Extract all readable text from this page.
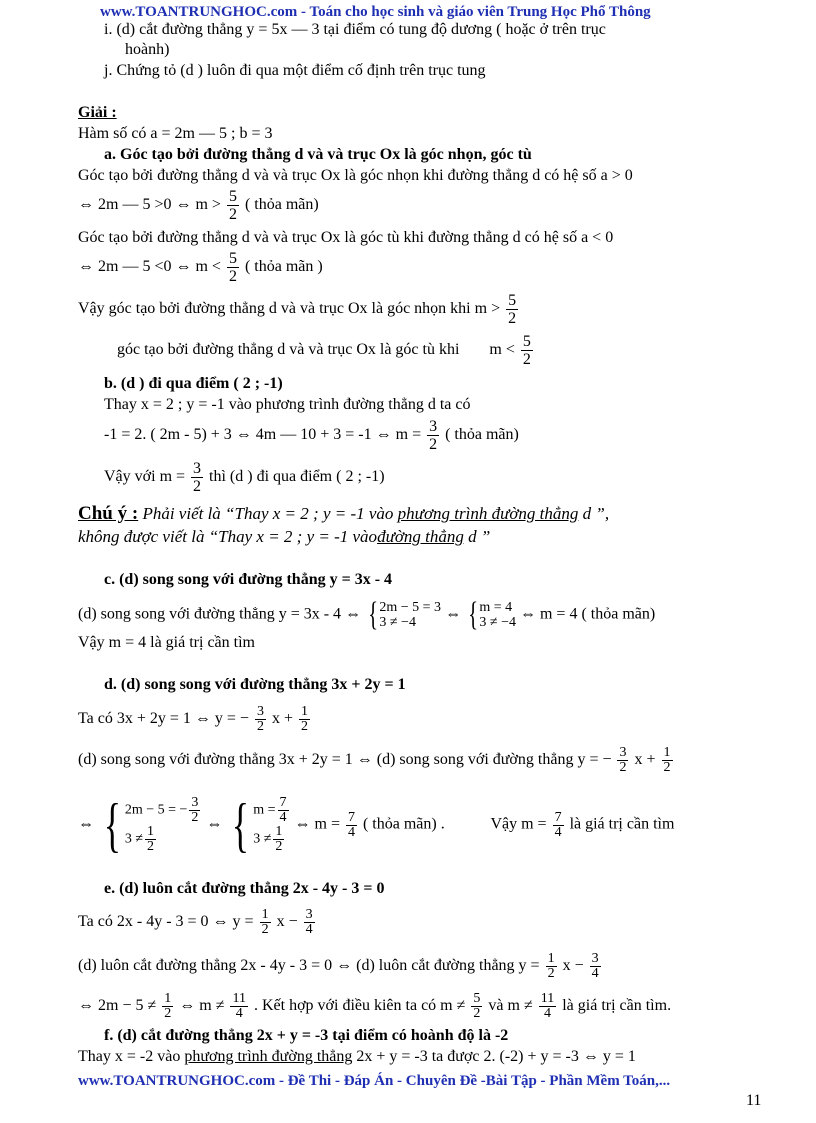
www.TOANTRUNGHOC.com - Toán cho học sinh và giáo viên Trung Học Phổ Thông
i. (d) cắt đường thẳng y = 5x — 3 tại điểm có tung độ dương ( hoặc ở trên trục
hoành)
j. Chứng tỏ (d ) luôn đi qua một điểm cố định trên trục tung
Giải :
Hàm số có a = 2m — 5 ; b = 3
a. Góc tạo bởi đường thẳng d và và trục Ox là góc nhọn, góc tù
Góc tạo bởi đường thẳng d và và trục Ox là góc nhọn khi đường thẳng d có hệ số a > 0
⇔ 2m — 5 >0 ⇔ $m > \frac{5}{2}$ ( thỏa mãn)
Góc tạo bởi đường thẳng d và và trục Ox là góc tù khi đường thẳng d có hệ số a < 0
⇔ 2m — 5 <0 ⇔ $m < \frac{5}{2}$ ( thỏa mãn )
Vậy góc tạo bởi đường thẳng d và và trục Ox là góc nhọn khi $m > \frac{5}{2}$
góc tạo bởi đường thẳng d và và trục Ox là góc tù khi $m < \frac{5}{2}$
b. (d ) đi qua điểm ( 2 ; -1)
Thay x = 2 ; y = -1 vào phương trình đường thẳng d ta có
-1 = 2. ( 2m - 5) + 3 ⇔ 4m — 10 + 3 = -1 ⇔ $m = \frac{3}{2}$ ( thỏa mãn)
Vậy với $m = \frac{3}{2}$ thì (d ) đi qua điểm ( 2 ; -1)
Chú ý : Phải viết là “Thay x = 2 ; y = -1 vào phương trình đường thẳng d ”,
không được viết là “Thay x = 2 ; y = -1 vàođường thẳng d ”
c. (d) song song với đường thẳng y = 3x - 4
(d) song song với đường thẳng y = 3x - 4 ⇔ { 2m − 5 = 3
3 ≠ −4	⇔ { m = 4
3 ≠ −4 ⇔ m = 4 ( thỏa mãn)
Vậy m = 4 là giá trị cần tìm
d. (d) song song với đường thẳng 3x + 2y = 1
Ta có 3x + 2y = 1 ⇔ y = − $\frac{3}{2}$ $x + \frac{1}{2}$
(d) song song với đường thẳng 3x + 2y = 1 ⇔ (d) song song với đường thẳng y = − $\frac{3}{2}$ $x + \frac{1}{2}$
⇔ { 2m − 5 = − $\frac{3}{2}$
$3 \ne \frac{1}{2}$
⇔ { $m = \frac{7}{4}$
$3 \ne \frac{1}{2}$
⇔ $m = \frac{7}{4}$ ( thỏa mãn) .	Vậy $m = \frac{7}{4}$ là giá trị cần tìm
e. (d) luôn cắt đường thẳng 2x - 4y - 3 = 0
Ta có 2x - 4y - 3 = 0 ⇔ $y = \frac{1}{2}$ $x - \frac{3}{4}$
(d) luôn cắt đường thẳng 2x - 4y - 3 = 0 ⇔ (d) luôn cắt đường thẳng $y = \frac{1}{2}$ $x - \frac{3}{4}$
⇔ $2m - 5 \ne \frac{1}{2}$ ⇔ $m \ne \frac{11}{4}$ . Kết hợp với điều kiên ta có $m \ne \frac{5}{2}$ và $m \ne \frac{11}{4}$ là giá trị cần tìm.
f. (d) cắt đường thẳng 2x + y = -3 tại điểm có hoành độ là -2
Thay x = -2 vào phương trình đường thẳng 2x + y = -3 ta được 2. (-2) + y = -3 ⇔ y = 1
www.TOANTRUNGHOC.com - Đề Thi - Đáp Án - Chuyên Đề -Bài Tập - Phần Mềm Toán,...
11
